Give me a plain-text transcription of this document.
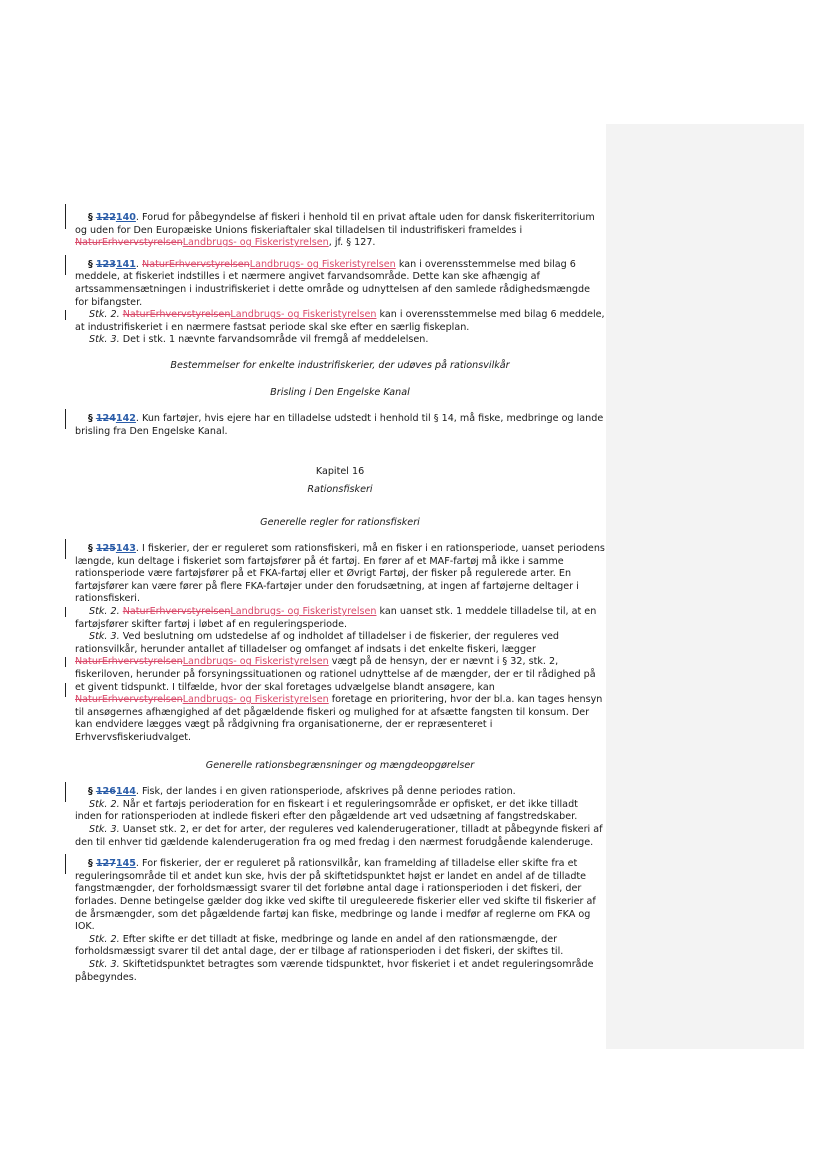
§ 122140. Forud for påbegyndelse af fiskeri i henhold til en privat aftale uden for dansk fiskeriterritorium og uden for Den Europæiske Unions fiskeriaftaler skal tilladelsen til industrifiskeri frameldes i NaturErhvervstyrelsenLandbrugs- og Fiskeristyrelsen, jf. § 127.

§ 123141. NaturErhvervstyrelsenLandbrugs- og Fiskeristyrelsen kan i overensstemmelse med bilag 6 meddele, at fiskeriet indstilles i et nærmere angivet farvandsområde. Dette kan ske afhængig af artssammensætningen i industrifiskeriet i dette område og udnyttelsen af den samlede rådighedsmængde for bifangster.

Stk. 2. NaturErhvervstyrelsenLandbrugs- og Fiskeristyrelsen kan i overensstemmelse med bilag 6 meddele, at industrifiskeriet i en nærmere fastsat periode skal ske efter en særlig fiskeplan.

Stk. 3. Det i stk. 1 nævnte farvandsområde vil fremgå af meddelelsen.

Bestemmelser for enkelte industrifiskerier, der udøves på rationsvilkår

Brisling i Den Engelske Kanal

§ 124142. Kun fartøjer, hvis ejere har en tilladelse udstedt i henhold til § 14, må fiske, medbringe og lande brisling fra Den Engelske Kanal.

Kapitel 16

Rationsfiskeri

Generelle regler for rationsfiskeri

§ 125143. I fiskerier, der er reguleret som rationsfiskeri, må en fisker i en rationsperiode, uanset periodens længde, kun deltage i fiskeriet som fartøjsfører på ét fartøj. En fører af et MAF-fartøj må ikke i samme rationsperiode være fartøjsfører på et FKA-fartøj eller et Øvrigt Fartøj, der fisker på regulerede arter. En fartøjsfører kan være fører på flere FKA-fartøjer under den forudsætning, at ingen af fartøjerne deltager i rationsfiskeri.

Stk. 2. NaturErhvervstyrelsenLandbrugs- og Fiskeristyrelsen kan uanset stk. 1 meddele tilladelse til, at en fartøjsfører skifter fartøj i løbet af en reguleringsperiode.

Stk. 3. Ved beslutning om udstedelse af og indholdet af tilladelser i de fiskerier, der reguleres ved rationsvilkår, herunder antallet af tilladelser og omfanget af indsats i det enkelte fiskeri, lægger NaturErhvervstyrelsenLandbrugs- og Fiskeristyrelsen vægt på de hensyn, der er nævnt i § 32, stk. 2, fiskeriloven, herunder på forsyningssituationen og rationel udnyttelse af de mængder, der er til rådighed på et givent tidspunkt. I tilfælde, hvor der skal foretages udvælgelse blandt ansøgere, kan NaturErhvervstyrelsenLandbrugs- og Fiskeristyrelsen foretage en prioritering, hvor der bl.a. kan tages hensyn til ansøgernes afhængighed af det pågældende fiskeri og mulighed for at afsætte fangsten til konsum. Der kan endvidere lægges vægt på rådgivning fra organisationerne, der er repræsenteret i Erhvervsfiskeriudvalget.

Generelle rationsbegrænsninger og mængdeopgørelser

§ 126144. Fisk, der landes i en given rationsperiode, afskrives på denne periodes ration.

Stk. 2. Når et fartøjs perioderation for en fiskeart i et reguleringsområde er opfisket, er det ikke tilladt inden for rationsperioden at indlede fiskeri efter den pågældende art ved udsætning af fangstredskaber.

Stk. 3. Uanset stk. 2, er det for arter, der reguleres ved kalenderugerationer, tilladt at påbegynde fiskeri af den til enhver tid gældende kalenderugeration fra og med fredag i den nærmest forudgående kalenderuge.

§ 127145. For fiskerier, der er reguleret på rationsvilkår, kan framelding af tilladelse eller skifte fra et reguleringsområde til et andet kun ske, hvis der på skiftetidspunktet højst er landet en andel af de tilladte fangstmængder, der forholdsmæssigt svarer til det forløbne antal dage i rationsperioden i det fiskeri, der forlades. Denne betingelse gælder dog ikke ved skifte til ureguleerede fiskerier eller ved skifte til fiskerier af de årsmængder, som det pågældende fartøj kan fiske, medbringe og lande i medfør af reglerne om FKA og IOK.

Stk. 2. Efter skifte er det tilladt at fiske, medbringe og lande en andel af den rationsmængde, der forholdsmæssigt svarer til det antal dage, der er tilbage af rationsperioden i det fiskeri, der skiftes til.

Stk. 3. Skiftetidspunktet betragtes som værende tidspunktet, hvor fiskeriet i et andet reguleringsområde påbegyndes.
